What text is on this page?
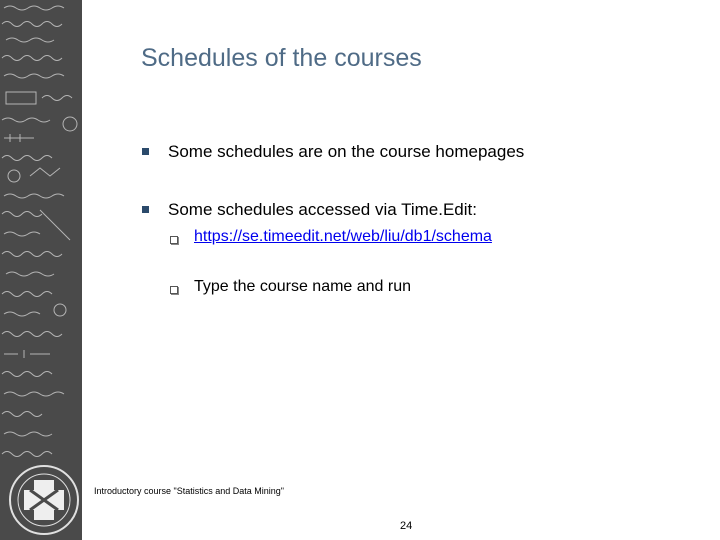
Schedules of the courses
Some schedules are on the course homepages
Some schedules accessed via Time.Edit:
https://se.timeedit.net/web/liu/db1/schema
Type the course name and run
Introductory course "Statistics and Data Mining"
24
